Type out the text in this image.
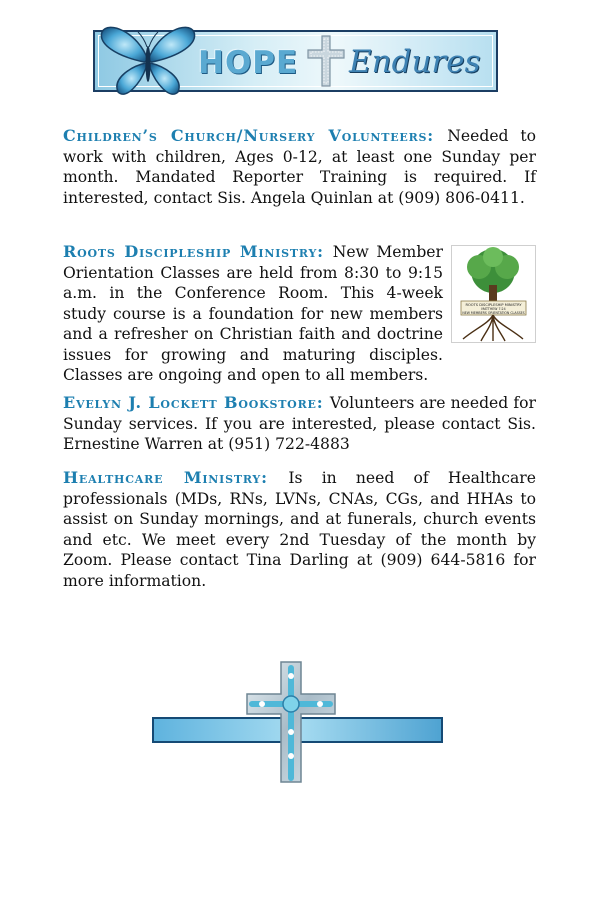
HOPE Endures
Children’s Church/Nursery Volunteers: Needed to work with children, Ages 0-12, at least one Sunday per month. Mandated Reporter Training is required. If interested, contact Sis. Angela Quinlan at (909) 806-0411.
ROOTS DISCIPLESHIP MINISTRY
MATTHEW 7:24
NEW MEMBERS ORIENTATION CLASSES
Roots Discipleship Ministry: New Member Orientation Classes are held from 8:30 to 9:15 a.m. in the Conference Room. This 4-week study course is a foundation for new members and a refresher on Christian faith and doctrine issues for growing and maturing disciples. Classes are ongoing and open to all members.
Evelyn J. Lockett Bookstore: Volunteers are needed for Sunday services. If you are interested, please contact Sis. Ernestine Warren at (951) 722-4883
Healthcare Ministry: Is in need of Healthcare professionals (MDs, RNs, LVNs, CNAs, CGs, and HHAs to assist on Sunday mornings, and at funerals, church events and etc. We meet every 2nd Tuesday of the month by Zoom. Please contact Tina Darling at (909) 644-5816 for more information.
